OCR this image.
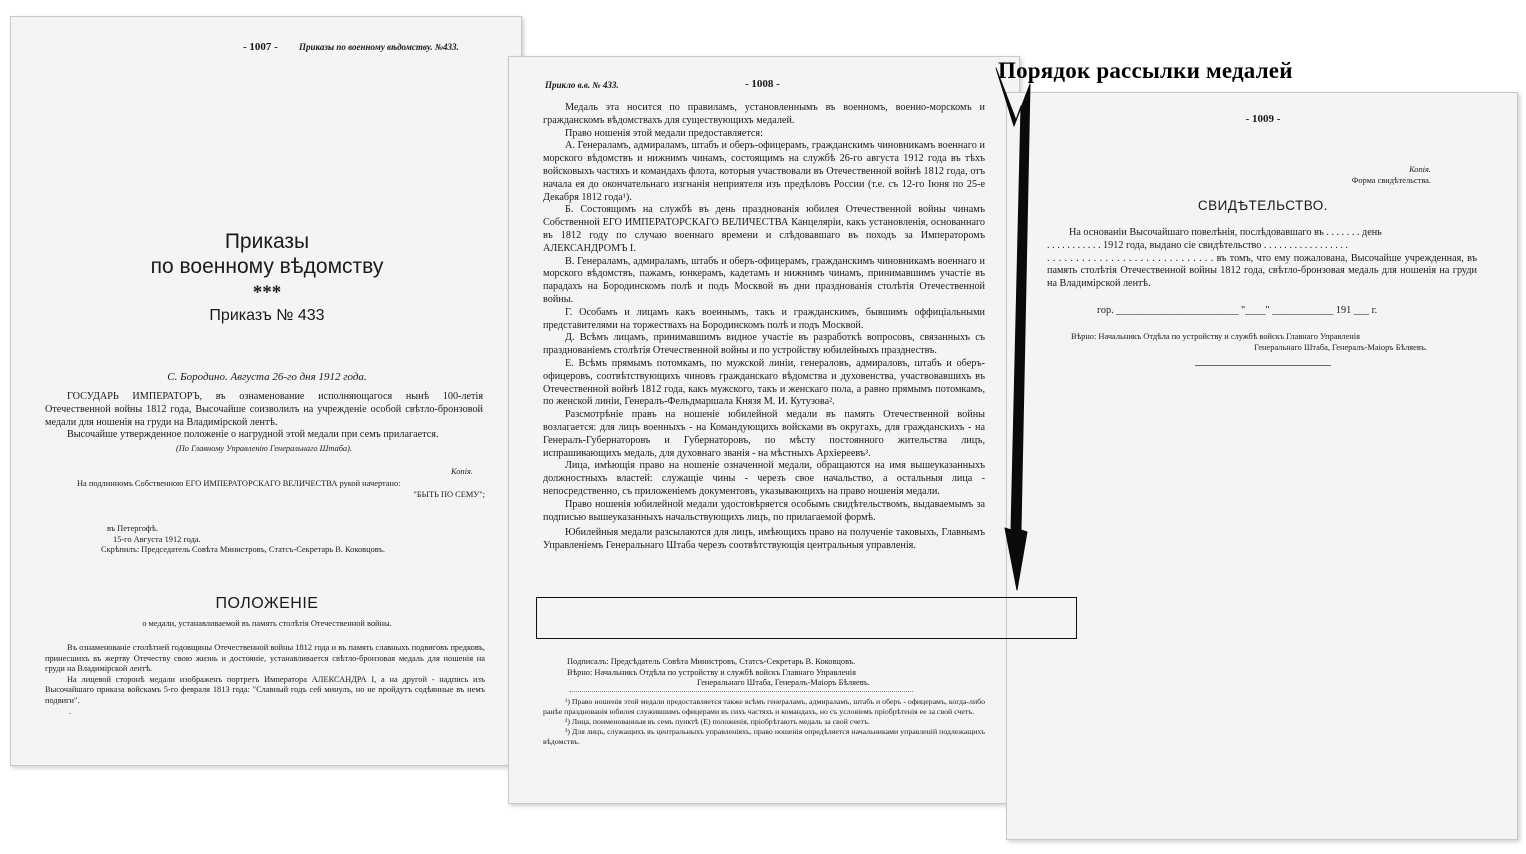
- 1007 - Приказы по военному вѣдомству. №433.
Приказы
по военному вѣдомству
***
Приказъ № 433
С. Бородино. Августа 26-го дня 1912 года.

ГОСУДАРЬ ИМПЕРАТОРЪ, въ ознаменование исполняющагося нынѣ 100-летія Отечественной войны 1812 года, Высочайше соизволилъ на учрежденіе особой свѣтло-бронзовой медали для ношенія на груди на Владимірской лентѣ.

Высочайше утвержденное положеніе о нагрудной этой медали при семъ прилагается.

(По Главному Управленію Генеральнаго Штаба).

Копія.
На подлинномъ Собственною ЕГО ИМПЕРАТОРСКАГО ВЕЛИЧЕСТВА рукой начертано:
"БЫТЬ ПО СЕМУ";
въ Петергофѣ.
15-го Августа 1912 года.
Скрѣпилъ: Председатель Совѣта Министровъ, Статсъ-Секретарь В. Коковцовъ.
ПОЛОЖЕНІЕ
о медали, устанавливаемой въ память столѣтія Отечественной войны.

Въ ознаменованіе столѣтней годовщины Отечественной войны 1812 года и въ память славныхъ подвиговъ предковъ, принесшихъ въ жертву Отечеству свою жизнь и достояніе, устанавливается свѣтло-бронзовая медаль для ношенія на груди на Владимірской лентѣ.

На лицевой сторонѣ медали изображенъ портретъ Императора АЛЕКСАНДРА I, а на другой - надпись изъ Высочайшаго приказа войскамъ 5-го февраля 1813 года: "Славный годъ сей минулъ, но не пройдутъ содѣянные въ немъ подвиги".

.

Прикло в.в. № 433.	- 1008 -

Медаль эта носится по правиламъ, установленнымъ въ военномъ, военно-морскомъ и гражданскомъ вѣдомствахъ для существующихъ медалей.

Право ношенія этой медали предоставляется:

А. Генераламъ, адмираламъ, штабъ и оберъ-офицерамъ, гражданскимъ чиновникамъ военнаго и морского вѣдомствъ и нижнимъ чинамъ, состоящимъ на службѣ 26-го августа 1912 года въ тѣхъ войсковыхъ частяхъ и командахъ флота, которыя участвовали въ Отечественной войнѣ 1812 года, отъ начала ея до окончательнаго изгнанія неприятеля изъ предѣловъ России (т.е. съ 12-го Іюня по 25-е Декабря 1812 года¹).

Б. Состоящимъ на службѣ въ день празднованія юбилея Отечественной войны чинамъ Собственной ЕГО ИМПЕРАТОРСКАГО ВЕЛИЧЕСТВА Канцеляріи, какъ установленія, основаннаго въ 1812 году по случаю военнаго времени и слѣдовавшаго въ походъ за Императоромъ АЛЕКСАНДРОМЪ I.

В. Генераламъ, адмираламъ, штабъ и оберъ-офицерамъ, гражданскимъ чиновникамъ военнаго и морского вѣдомствъ, пажамъ, юнкерамъ, кадетамъ и нижнимъ чинамъ, принимавшимъ участіе въ парадахъ на Бородинскомъ полѣ и подъ Москвой въ дни празднованія столѣтія Отечественной войны.

Г. Особамъ и лицамъ какъ военнымъ, такъ и гражданскимъ, бывшимъ оффиціальными представителями на торжествахъ на Бородинскомъ полѣ и подъ Москвой.

Д. Всѣмъ лицамъ, принимавшимъ видное участіе въ разработкѣ вопросовъ, связанныхъ съ празднованіемъ столѣтія Отечественной войны и по устройству юбилейныхъ празднествъ.

Е. Всѣмъ прямымъ потомкамъ, по мужской линіи, генераловъ, адмираловъ, штабъ и оберъ-офицеровъ, соотвѣтствующихъ чиновъ гражданскаго вѣдомства и духовенства, участвовавшихъ въ Отечественной войнѣ 1812 года, какъ мужского, такъ и женскаго пола, а равно прямымъ потомкамъ, по женской линіи, Генералъ-Фельдмаршала Князя М. И. Кутузова².

Разсмотрѣніе правъ на ношеніе юбилейной медали въ память Отечественной войны возлагается: для лицъ военныхъ - на Командующихъ войсками въ округахъ, для гражданскихъ - на Генералъ-Губернаторовъ и Губернаторовъ, по мѣсту постоянного жительства лицъ, испрашивающихъ медаль, для духовнаго званія - на мѣстныхъ Архіереевъ³.

Лица, имѣющія право на ношеніе означенной медали, обращаются на имя вышеуказанныхъ должностныхъ властей: служащіе чины - черезъ свое начальство, а остальныя лица - непосредственно, съ приложеніемъ документовъ, указывающихъ на право ношенія медали.

Право ношенія юбилейной медали удостовѣряется особымъ свидѣтельствомъ, выдаваемымъ за подписью вышеуказанныхъ начальствующихъ лицъ, по прилагаемой формѣ.

Юбилейныя медали разсылаются для лицъ, имѣющихъ право на полученіе таковыхъ, Главнымъ Управленіемъ Генеральнаго Штаба черезъ соотвѣтствующія центральныя управленія.

Подписалъ: Предсѣдатель Совѣта Министровъ, Статсъ-Секретарь В. Коковцовъ.
Вѣрно: Начальникъ Отдѣла по устройству и службѣ войскъ Главнаго Управленія
Генеральнаго Штаба, Генералъ-Маіоръ Бѣляевъ.

¹) Право ношенія этой медали предоставляется также всѣмъ генераламъ, адмираламъ, штабъ и оберъ - офицерамъ, когда-либо ранѣе празднованія юбилея служившимъ офицерами въ сихъ частяхъ и командахъ, но съ условіемъ пріобрѣтенія ее за свой счетъ.

²) Лица, поименованныя въ семъ пунктѣ (Е) положенія, пріобрѣтаютъ медаль за свой счетъ.

³) Для лицъ, служащихъ въ центральныхъ управленіяхъ, право ношенія опредѣляется начальниками управленій подлежащихъ вѣдомствъ.

- 1009 -
Копія.
Форма свидѣтельства.
СВИДѢТЕЛЬСТВО.

На основаніи Высочайшаго повелѣнія, послѣдовавшаго въ . . . . . . . день

. . . . . . . . . . . 1912 года, выдано сіе свидѣтельство . . . . . . . . . . . . . . . . .

. . . . . . . . . . . . . . . . . . . . . . . . . . . . . въ томъ, что ему пожалована, Высочайше учрежденная, въ память столѣтія Отечественной войны 1812 года, свѣтло-бронзовая медаль для ношенія на груди на Владимірской лентѣ.

гор. ________________________ "____" ____________ 191 ___ г.
Вѣрно: Начальникъ Отдѣла по устройству и службѣ войскъ Главнаго Управленія
Генеральнаго Штаба, Генералъ-Маіоръ Бѣляевъ.
Порядок рассылки медалей
